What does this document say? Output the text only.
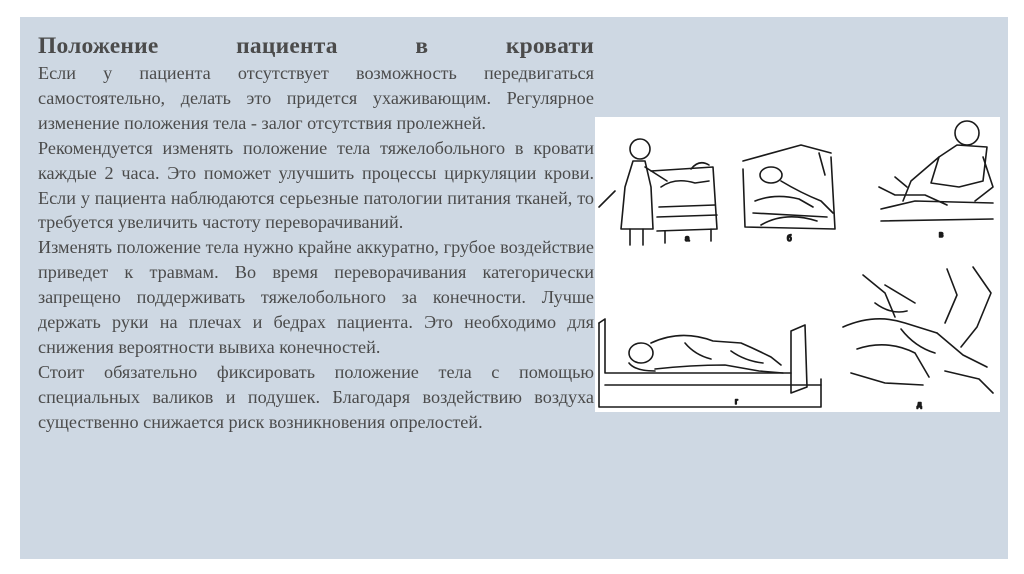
Положение пациента в кровати

Если у пациента отсутствует возможность передвигаться самостоятельно, делать это придется ухаживающим. Регулярное изменение положения тела - залог отсутствия пролежней.

Рекомендуется изменять положение тела тяжелобольного в кровати каждые 2 часа. Это поможет улучшить процессы циркуляции крови. Если у пациента наблюдаются серьезные патологии питания тканей, то требуется увеличить частоту переворачиваний.

Изменять положение тела нужно крайне аккуратно, грубое воздействие приведет к травмам. Во время переворачивания категорически запрещено поддерживать тяжелобольного за конечности. Лучше держать руки на плечах и бедрах пациента. Это необходимо для снижения вероятности вывиха конечностей.

Стоит обязательно фиксировать положение тела с помощью специальных валиков и подушек. Благодаря воздействию воздуха существенно снижается риск возникновения опрелостей.

а	б	в
г	д
